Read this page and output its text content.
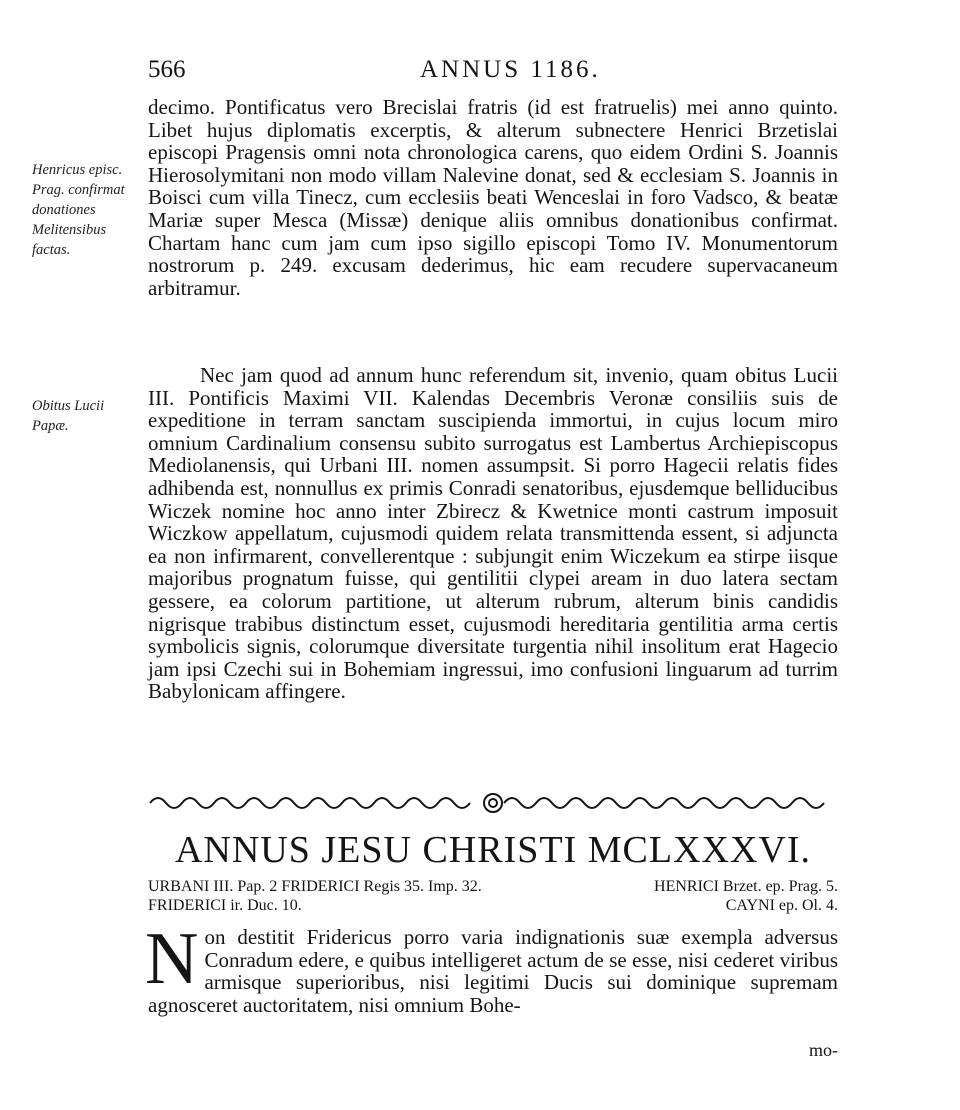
566	ANNUS 1186.
Henricus episc. Prag. confirmat donationes Melitensibus factas.
Obitus Lucii Papæ.
decimo. Pontificatus vero Brecislai fratris (id est fratruelis) mei anno quinto. Libet hujus diplomatis excerptis, & alterum subnectere Henrici Brzetislai episcopi Pragensis omni nota chronologica carens, quo eidem Ordini S. Joannis Hierosolymitani non modo villam Nalevine donat, sed & ecclesiam S. Joannis in Boisci cum villa Tinecz, cum ecclesiis beati Wenceslai in foro Vadsco, & beatæ Mariæ super Mesca (Missæ) denique aliis omnibus donationibus confirmat. Chartam hanc cum jam cum ipso sigillo episcopi Tomo IV. Monumentorum nostrorum p. 249. excusam dederimus, hic eam recudere supervacaneum arbitramur.
Nec jam quod ad annum hunc referendum sit, invenio, quam obitus Lucii III. Pontificis Maximi VII. Kalendas Decembris Veronæ consiliis suis de expeditione in terram sanctam suscipienda immortui, in cujus locum miro omnium Cardinalium consensu subito surrogatus est Lambertus Archiepiscopus Mediolanensis, qui Urbani III. nomen assumpsit. Si porro Hagecii relatis fides adhibenda est, nonnullus ex primis Conradi senatoribus, ejusdemque belliducibus Wiczek nomine hoc anno inter Zbirecz & Kwetnice monti castrum imposuit Wiczkow appellatum, cujusmodi quidem relata transmittenda essent, si adjuncta ea non infirmarent, convellerentque : subjungit enim Wiczekum ea stirpe iisque majoribus prognatum fuisse, qui gentilitii clypei aream in duo latera sectam gessere, ea colorum partitione, ut alterum rubrum, alterum binis candidis nigrisque trabibus distinctum esset, cujusmodi hereditaria gentilitia arma certis symbolicis signis, colorumque diversitate turgentia nihil insolitum erat Hagecio jam ipsi Czechi sui in Bohemiam ingressui, imo confusioni linguarum ad turrim Babylonicam affingere.
ANNUS JESU CHRISTI MCLXXXVI.
URBANI III. Pap. 2 FRIDERICI Regis 35. Imp. 32.	HENRICI Brzet. ep. Prag. 5.
FRIDERICI ir. Duc. 10.	CAYNI ep. Ol. 4.
N on destitit Fridericus porro varia indignationis suæ exempla adversus Conradum edere, e quibus intelligeret actum de se esse, nisi cederet viribus armisque superioribus, nisi legitimi Ducis sui dominique supremam agnosceret auctoritatem, nisi omnium Bohe-
mo-
